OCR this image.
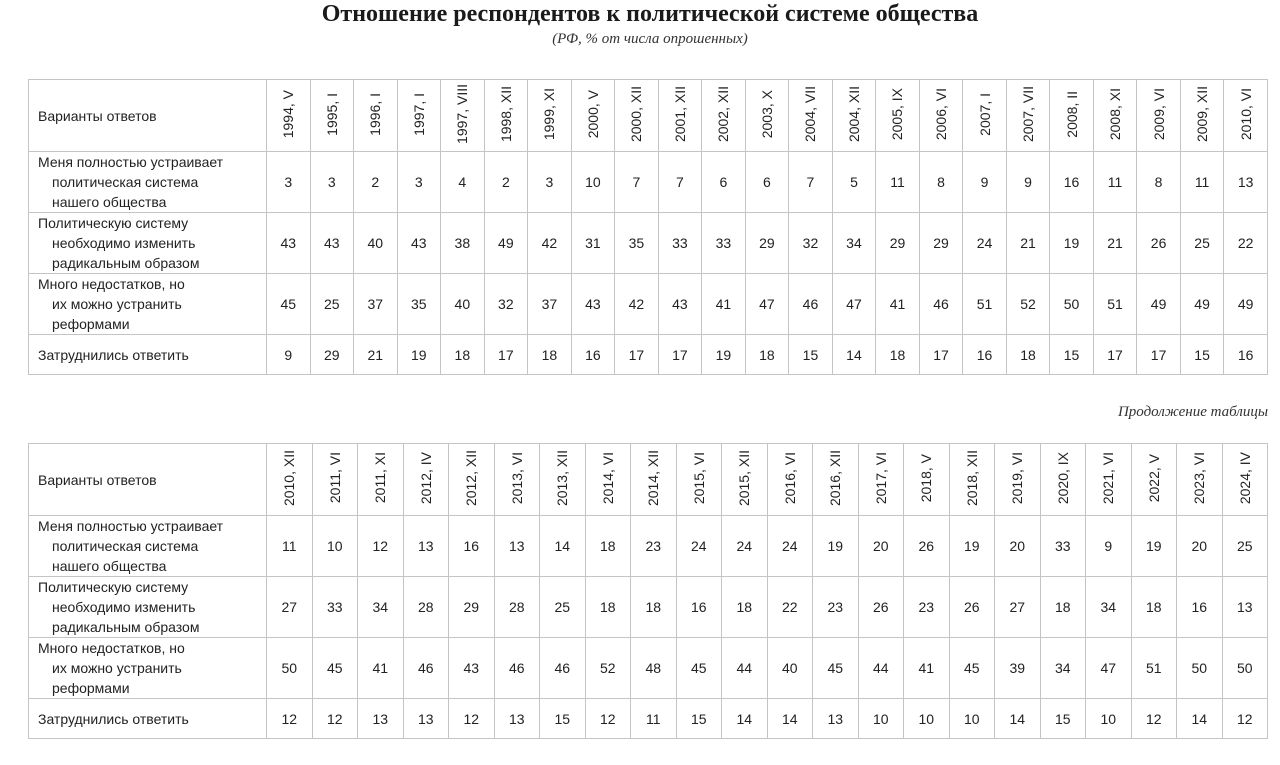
Отношение респондентов к политической системе общества
(РФ, % от числа опрошенных)
Варианты ответов	1994, V	1995, I	1996, I	1997, I	1997, VIII	1998, XII	1999, XI	2000, V	2000, XII	2001, XII	2002, XII	2003, X	2004, VII	2004, XII	2005, IX	2006, VI	2007, I	2007, VII	2008, II	2008, XI	2009, VI	2009, XII	2010, VI

Меня полностью устраивает
политическая система
нашего общества	3	3	2	3	4	2	3	10	7	7	6	6	7	5	11	8	9	9	16	11	8	11	13

Политическую систему
необходимо изменить
радикальным образом	43	43	40	43	38	49	42	31	35	33	33	29	32	34	29	29	24	21	19	21	26	25	22

Много недостатков, но
их можно устранить
реформами	45	25	37	35	40	32	37	43	42	43	41	47	46	47	41	46	51	52	50	51	49	49	49

Затруднились ответить	9	29	21	19	18	17	18	16	17	17	19	18	15	14	18	17	16	18	15	17	17	15	16
Продолжение таблицы
Варианты ответов	2010, XII	2011, VI	2011, XI	2012, IV	2012, XII	2013, VI	2013, XII	2014, VI	2014, XII	2015, VI	2015, XII	2016, VI	2016, XII	2017, VI	2018, V	2018, XII	2019, VI	2020, IX	2021, VI	2022, V	2023, VI	2024, IV

Меня полностью устраивает
политическая система
нашего общества	11	10	12	13	16	13	14	18	23	24	24	24	19	20	26	19	20	33	9	19	20	25

Политическую систему
необходимо изменить
радикальным образом	27	33	34	28	29	28	25	18	18	16	18	22	23	26	23	26	27	18	34	18	16	13

Много недостатков, но
их можно устранить
реформами	50	45	41	46	43	46	46	52	48	45	44	40	45	44	41	45	39	34	47	51	50	50

Затруднились ответить	12	12	13	13	12	13	15	12	11	15	14	14	13	10	10	10	14	15	10	12	14	12
